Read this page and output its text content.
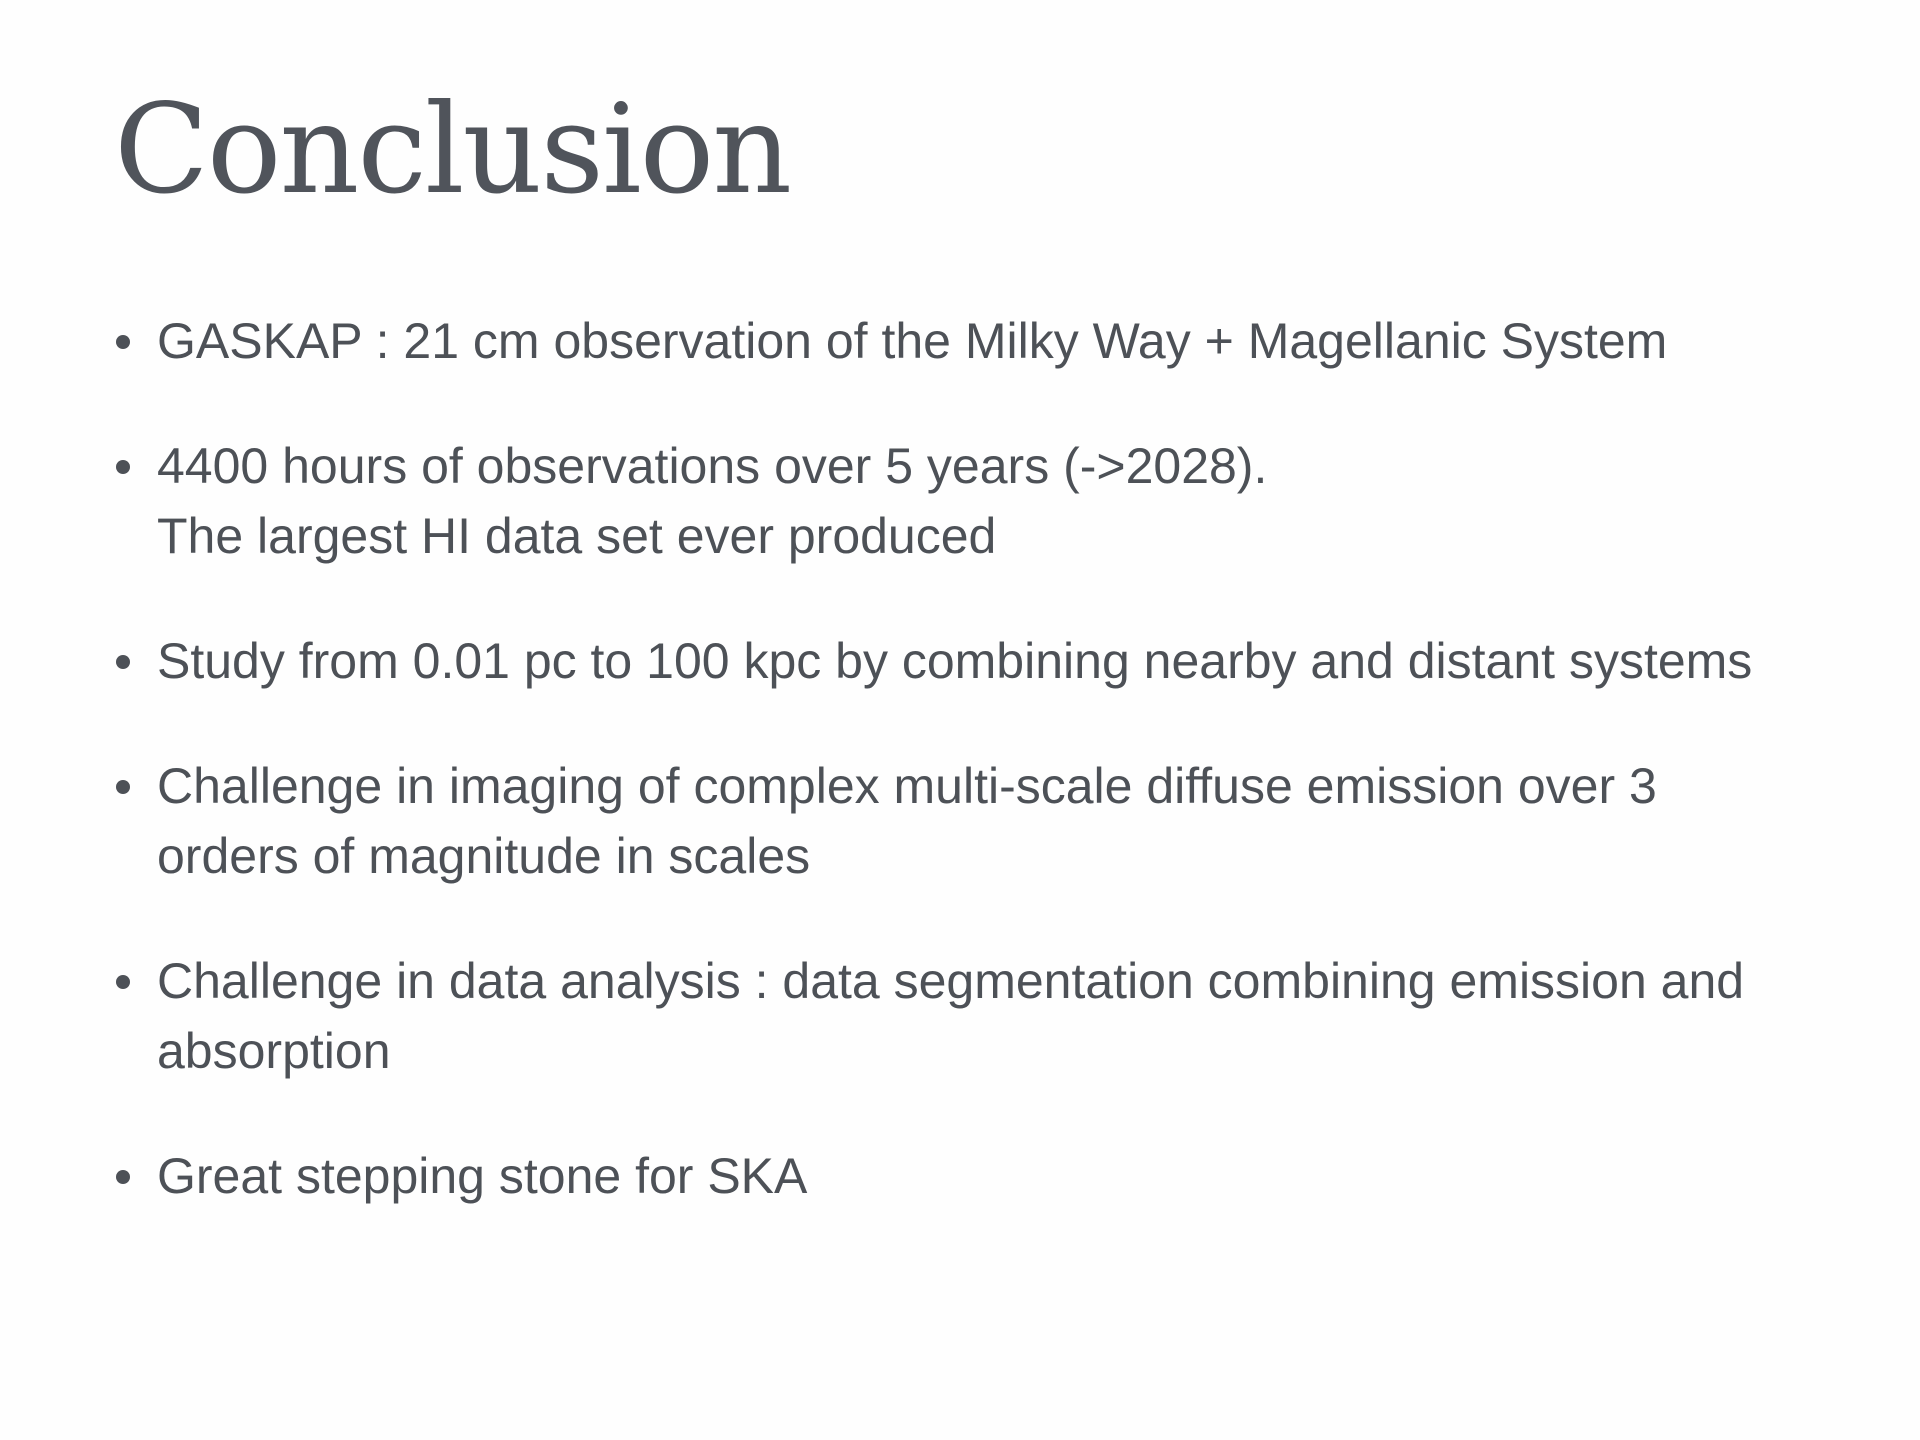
Conclusion
GASKAP : 21 cm observation of the Milky Way + Magellanic System
4400 hours of observations over 5 years (->2028).
The largest HI data set ever produced
Study from 0.01 pc to 100 kpc by combining nearby and distant systems
Challenge in imaging of complex multi-scale diffuse emission over 3
orders of magnitude in scales
Challenge in data analysis : data segmentation combining emission and
absorption
Great stepping stone for SKA
